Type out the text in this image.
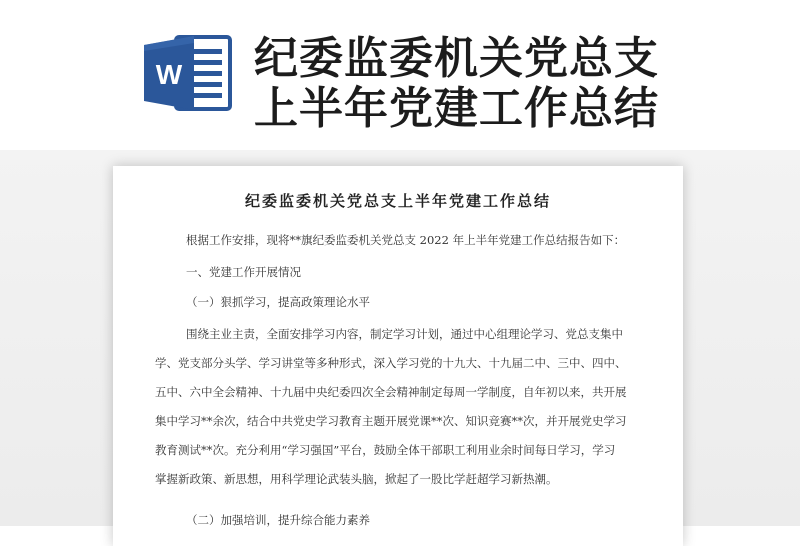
W 纪委监委机关党总支
上半年党建工作总结
纪委监委机关党总支上半年党建工作总结
根据工作安排，现将**旗纪委监委机关党总支 2022 年上半年党建工作总结报告如下：
一、党建工作开展情况
（一）狠抓学习，提高政策理论水平
围绕主业主责，全面安排学习内容，制定学习计划，通过中心组理论学习、党总支集中
学、党支部分头学、学习讲堂等多种形式，深入学习党的十九大、十九届二中、三中、四中、
五中、六中全会精神、十九届中央纪委四次全会精神制定每周一学制度，自年初以来，共开展
集中学习**余次，结合中共党史学习教育主题开展党课**次、知识竞赛**次，并开展党史学习
教育测试**次。充分利用“学习强国”平台，鼓励全体干部职工利用业余时间每日学习，学习
掌握新政策、新思想，用科学理论武装头脑，掀起了一股比学赶超学习新热潮。
（二）加强培训，提升综合能力素养
